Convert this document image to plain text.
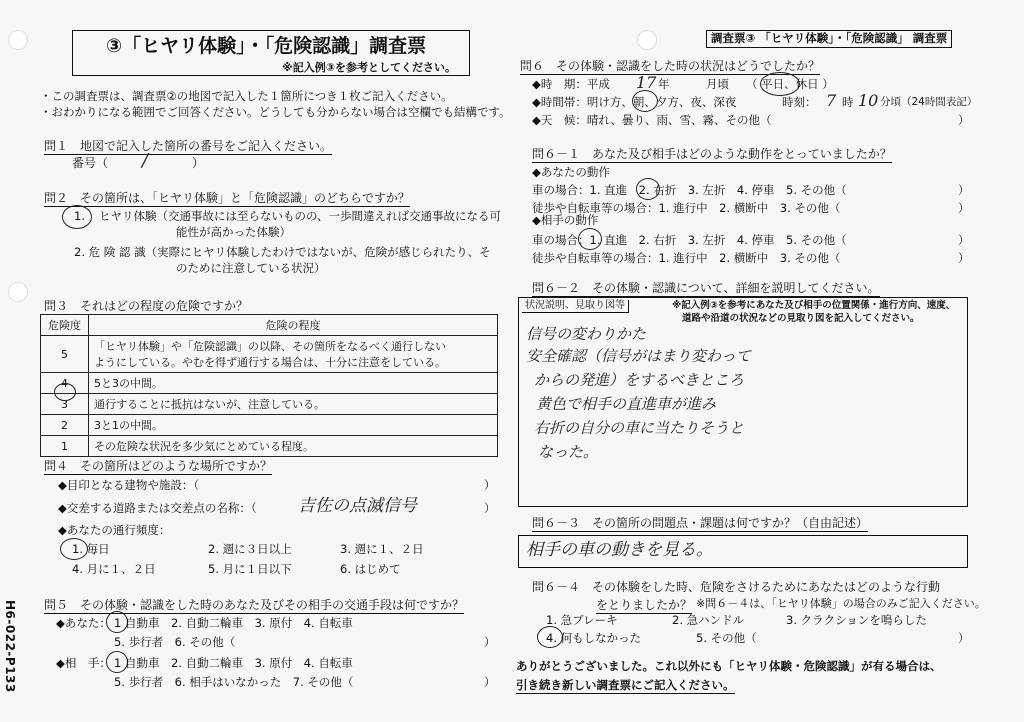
H6-022-P133
③「ヒヤリ体験」・「危険認識」調査票
※記入例③を参考としてください。
調査票③ 「ヒヤリ体験」・「危険認識」 調査票
・この調査票は、調査票②の地図で記入した１箇所につき１枚ご記入ください。
・おわかりになる範囲でご回答ください。どうしても分からない場合は空欄でも結構です。
問１　地図で記入した箇所の番号をご記入ください。
番号（ /	）
問２　その箇所は、「ヒヤリ体験」と「危険認識」のどちらですか？
1. ヒヤリ体験（交通事故には至らないものの、一歩間違えれば交通事故になる可
能性が高かった体験）
2. 危 険 認 識（実際にヒヤリ体験したわけではないが、危険が感じられたり、そ
のために注意している状況）
問３　それはどの程度の危険ですか？
危険度	危険の程度
5	「ヒヤリ体験」や「危険認識」の以降、その箇所をなるべく通行しない
ようにしている。やむを得ず通行する場合は、十分に注意をしている。

4	5と3の中間。
3	通行することに抵抗はないが、注意している。
2	3と1の中間。
1	その危険な状況を多少気にとめている程度。
問４　その箇所はどのような場所ですか？
◆目印となる建物や施設：（	）
◆交差する道路または交差点の名称：（ 吉佐の点滅信号	）
◆あなたの通行頻度：
1. 毎日	2. 週に３日以上	3. 週に１、２日
4. 月に１、２日	5. 月に１日以下	6. はじめて
問５　その体験・認識をした時のあなた及びその相手の交通手段は何ですか？
◆あなた： 1 自動車　2. 自動二輪車　3. 原付　4. 自転車
5. 歩行者　6. その他（	）
◆相　手： 1 自動車　2. 自動二輪車　3. 原付　4. 自転車
5. 歩行者　6. 相手はいなかった　7. その他（	）
問６　その体験・認識をした時の状況はどうでしたか？
◆時　期：平成 17 年	月頃 （ 平日、休日 ）
◆時間帯：明け方、朝、夕方、夜、深夜	時刻： 7 時 10 分頃（24時間表記）
◆天　候：晴れ、曇り、雨、雪、霧、その他（	）
問６－１　あなた及び相手はどのような動作をとっていましたか？
◆あなたの動作
車の場合：1. 直進　2. 右折　3. 左折　4. 停車　5. その他（	）
徒歩や自転車等の場合：1. 進行中　2. 横断中　3. その他（	）
◆相手の動作
車の場合：1. 直進　2. 右折　3. 左折　4. 停車　5. その他（	）
徒歩や自転車等の場合：1. 進行中　2. 横断中　3. その他（	）
問６－２　その体験・認識について、詳細を説明してください。
状況説明、見取り図等	※記入例③を参考にあなた及び相手の位置関係・進行方向、速度、
道路や沿道の状況などの見取り図を記入してください。
信号の変わりかた
安全確認（信号がはまり変わって
からの発進）をするべきところ
黄色で相手の直進車が進み
右折の自分の車に当たりそうと
なった。
問６－３　その箇所の問題点・課題は何ですか？（自由記述）
相手の車の動きを見る。
問６－４　その体験をした時、危険をさけるためにあなたはどのような行動
をとりましたか？ ※問６－４は、「ヒヤリ体験」の場合のみご記入ください。
1. 急ブレーキ	2. 急ハンドル	3. クラクションを鳴らした
4. 何もしなかった	5. その他（	）
ありがとうございました。これ以外にも「ヒヤリ体験・危険認識」が有る場合は、
引き続き新しい調査票にご記入ください。
